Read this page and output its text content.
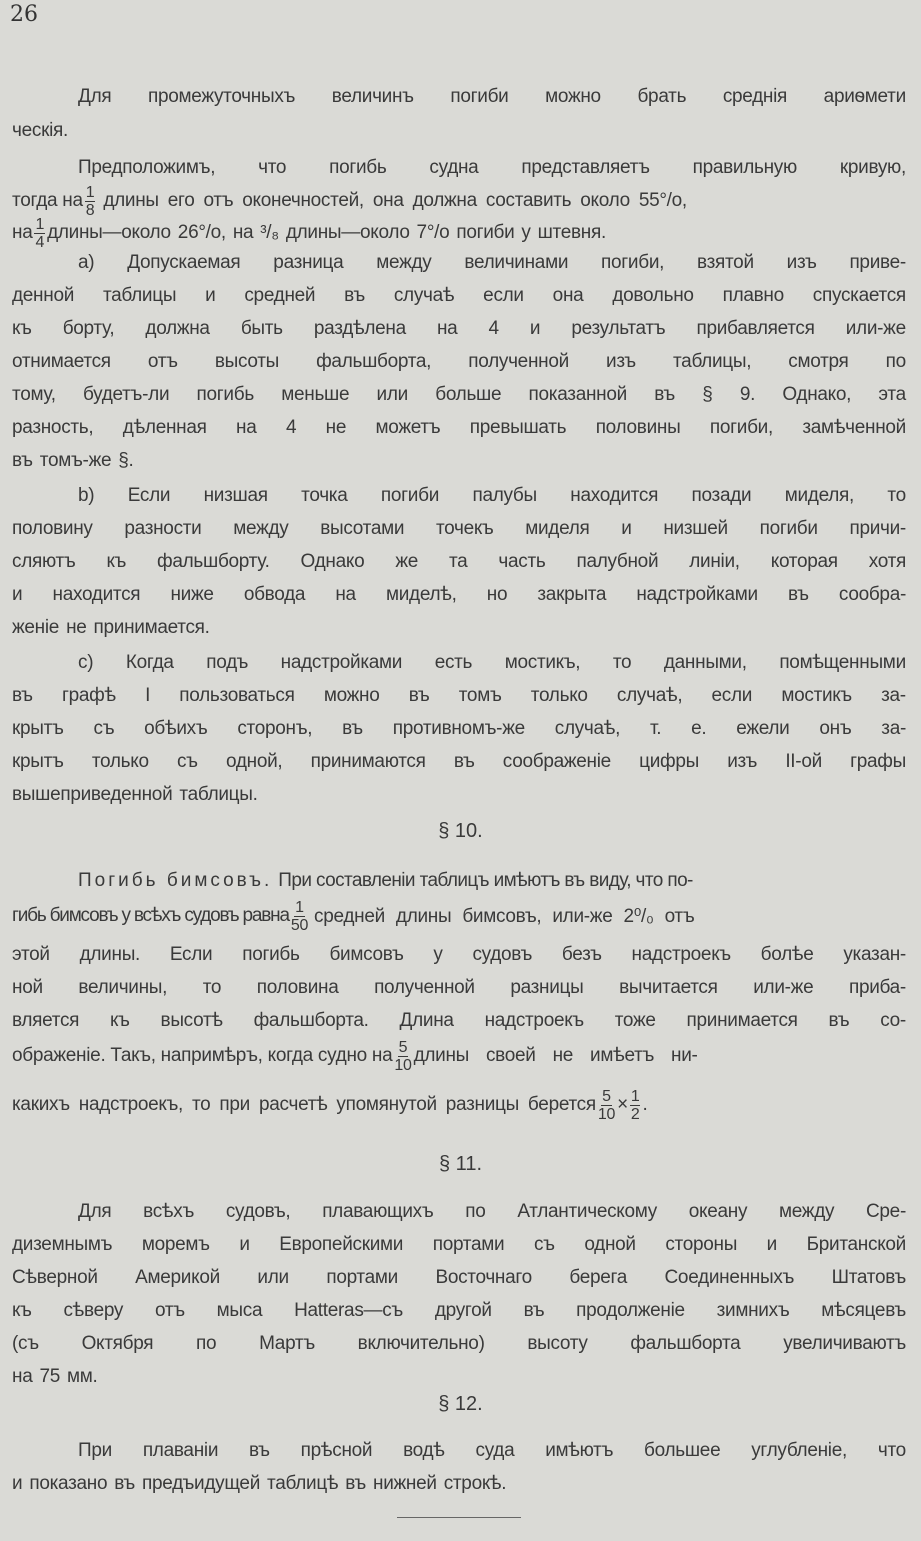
26
Для промежуточныхъ величинъ погиби можно брать среднія ариѳмети
ческія.
Предположимъ, что погибь судна представляетъ правильную кривую,
тогда на $\frac{1}{8}$ длины его отъ оконечностей, она должна составить около 55°/o,
на $\frac{1}{4}$ длины—около 26°/o, на ³/₈ длины—около 7°/o погиби у штевня.
а) Допускаемая разница между величинами погиби, взятой изъ приве-
денной таблицы и средней въ случаѣ если она довольно плавно спускается
къ борту, должна быть раздѣлена на 4 и результатъ прибавляется или-же
отнимается отъ высоты фальшборта, полученной изъ таблицы, смотря по
тому, будетъ-ли погибь меньше или больше показанной въ § 9. Однако, эта
разность, дѣленная на 4 не можетъ превышать половины погиби, замѣченной
въ томъ-же §.
b) Если низшая точка погиби палубы находится позади миделя, то
половину разности между высотами точекъ миделя и низшей погиби причи-
сляютъ къ фальшборту. Однако же та часть палубной линіи, которая хотя
и находится ниже обвода на миделѣ, но закрыта надстройками въ сообра-
женіе не принимается.
с) Когда подъ надстройками есть мостикъ, то данными, помѣщенными
въ графѣ I пользоваться можно въ томъ только случаѣ, если мостикъ за-
крытъ съ обѣихъ сторонъ, въ противномъ-же случаѣ, т. е. ежели онъ за-
крытъ только съ одной, принимаются въ соображеніе цифры изъ II-ой графы
вышеприведенной таблицы.
§ 10.
Погибь бимсовъ. При составленіи таблицъ имѣютъ въ виду, что по-
гибь бимсовъ у всѣхъ судовъ равна $\frac{1}{50}$ средней длины бимсовъ, или-же 2⁰/₀ отъ
этой длины. Если погибь бимсовъ у судовъ безъ надстроекъ болѣе указан-
ной величины, то половина полученной разницы вычитается или-же приба-
вляется къ высотѣ фальшборта. Длина надстроекъ тоже принимается въ со-
ображеніе. Такъ, напримѣръ, когда судно на $\frac{5}{10}$ длины своей не имѣетъ ни-
какихъ надстроекъ, то при расчетѣ упомянутой разницы берется $\frac{5}{10} \times \frac{1}{2}$ .
§ 11.
Для всѣхъ судовъ, плавающихъ по Атлантическому океану между Сре-
диземнымъ моремъ и Европейскими портами съ одной стороны и Британской
Сѣверной Америкой или портами Восточнаго берега Соединенныхъ Штатовъ
къ сѣверу отъ мыса Hatteras—съ другой въ продолженіе зимнихъ мѣсяцевъ
(съ Октября по Мартъ включительно) высоту фальшборта увеличиваютъ
на 75 мм.
§ 12.
При плаваніи въ прѣсной водѣ суда имѣютъ большее углубленіе, что
и показано въ предъидущей таблицѣ въ нижней строкѣ.
